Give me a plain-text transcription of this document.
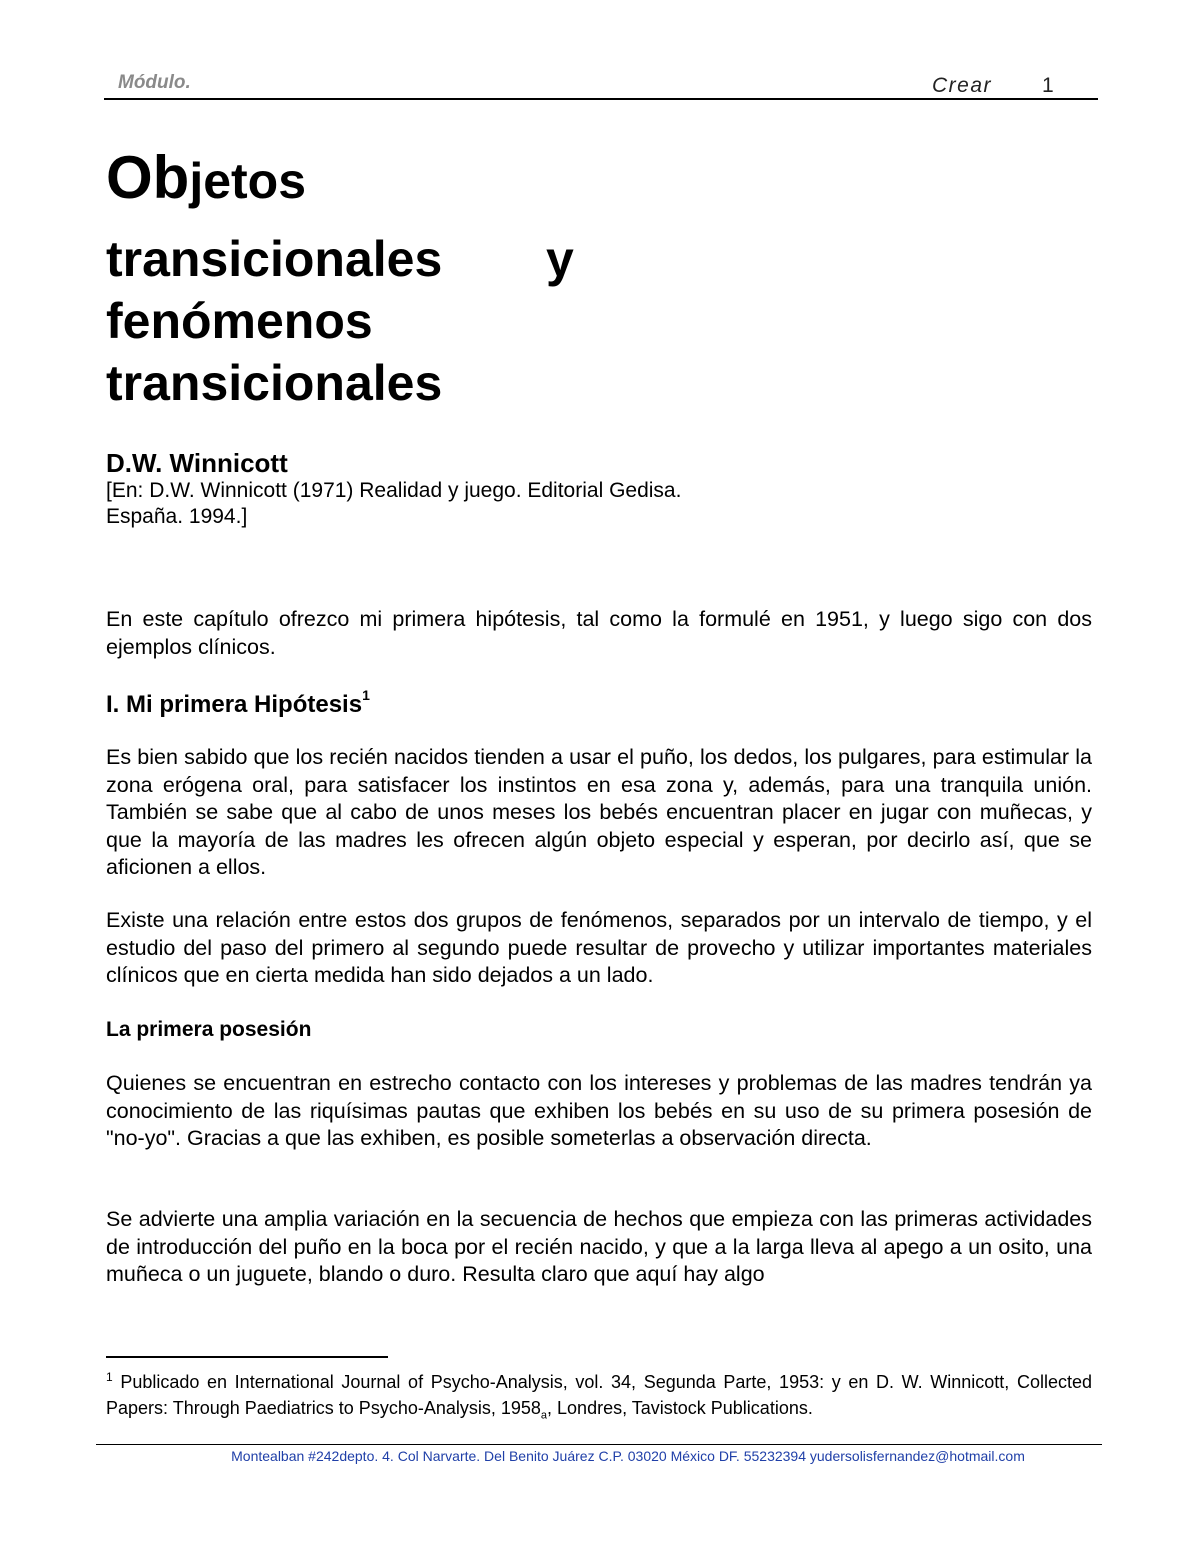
Módulo.	Crear 1
Objetos
transicionales y
fenómenos
transicionales
D.W. Winnicott
[En: D.W. Winnicott (1971) Realidad y juego. Editorial Gedisa.
España. 1994.]
En este capítulo ofrezco mi primera hipótesis, tal como la formulé en 1951, y luego sigo con dos ejemplos clínicos.
I. Mi primera Hipótesis$^1$
Es bien sabido que los recién nacidos tienden a usar el puño, los dedos, los pulgares, para estimular la zona erógena oral, para satisfacer los instintos en esa zona y, además, para una tranquila unión. También se sabe que al cabo de unos meses los bebés encuentran placer en jugar con muñecas, y que la mayoría de las madres les ofrecen algún objeto especial y esperan, por decirlo así, que se aficionen a ellos.
Existe una relación entre estos dos grupos de fenómenos, separados por un intervalo de tiempo, y el estudio del paso del primero al segundo puede resultar de provecho y utilizar importantes materiales clínicos que en cierta medida han sido dejados a un lado.
La primera posesión
Quienes se encuentran en estrecho contacto con los intereses y problemas de las madres tendrán ya conocimiento de las riquísimas pautas que exhiben los bebés en su uso de su primera posesión de "no-yo". Gracias a que las exhiben, es posible someterlas a observación directa.
Se advierte una amplia variación en la secuencia de hechos que empieza con las primeras actividades de introducción del puño en la boca por el recién nacido, y que a la larga lleva al apego a un osito, una muñeca o un juguete, blando o duro. Resulta claro que aquí hay algo
$^1$ Publicado en International Journal of Psycho-Analysis, vol. 34, Segunda Parte, 1953: y en D. W. Winnicott, Collected Papers: Through Paediatrics to Psycho-Analysis, $1958_a$, Londres, Tavistock Publications.
Montealban #242depto. 4. Col Narvarte. Del Benito Juárez C.P. 03020 México DF. 55232394 yudersolisfernandez@hotmail.com
